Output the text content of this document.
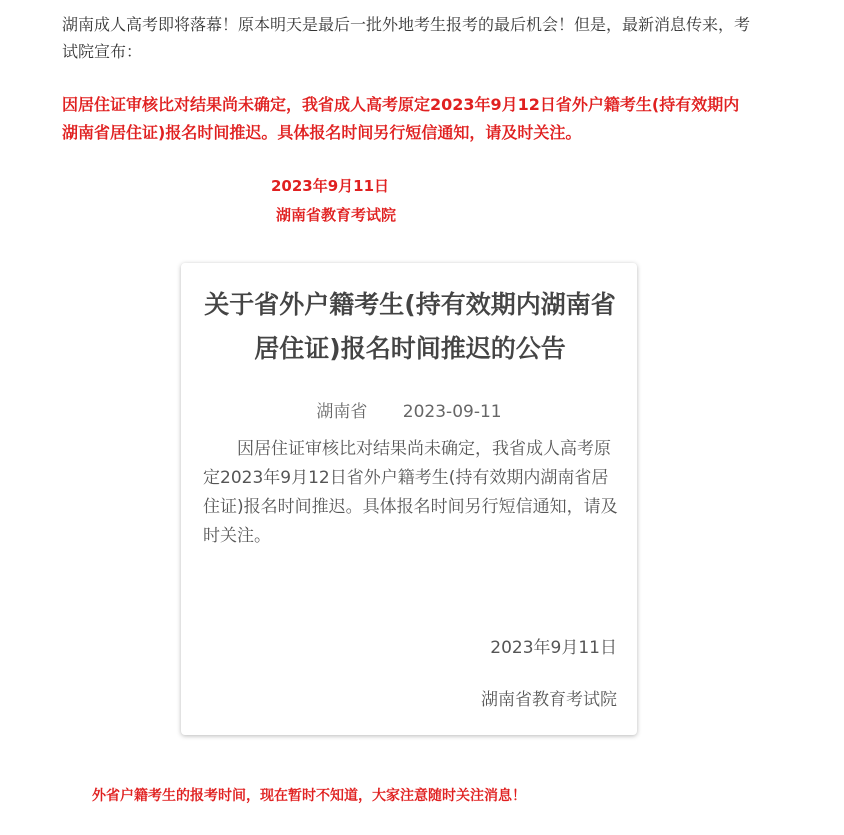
湖南成人高考即将落幕！原本明天是最后一批外地考生报考的最后机会！但是，最新消息传来，考试院宣布：

因居住证审核比对结果尚未确定，我省成人高考原定2023年9月12日省外户籍考生(持有效期内湖南省居住证)报名时间推迟。具体报名时间另行短信通知，请及时关注。

2023年9月11日
湖南省教育考试院
关于省外户籍考生(持有效期内湖南省居住证)报名时间推迟的公告
湖南省 2023-09-11

因居住证审核比对结果尚未确定，我省成人高考原定2023年9月12日省外户籍考生(持有效期内湖南省居住证)报名时间推迟。具体报名时间另行短信通知，请及时关注。

2023年9月11日
湖南省教育考试院
外省户籍考生的报考时间，现在暂时不知道，大家注意随时关注消息！
